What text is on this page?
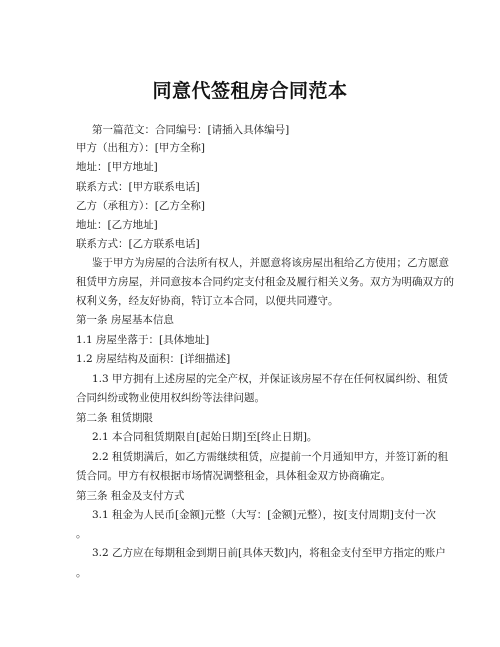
同意代签租房合同范本
第一篇范文：合同编号：[请插入具体编号]
甲方（出租方）：[甲方全称]
地址：[甲方地址]
联系方式：[甲方联系电话]
乙方（承租方）：[乙方全称]
地址：[乙方地址]
联系方式：[乙方联系电话]
鉴于甲方为房屋的合法所有权人，并愿意将该房屋出租给乙方使用；乙方愿意
租赁甲方房屋，并同意按本合同约定支付租金及履行相关义务。双方为明确双方的
权利义务，经友好协商，特订立本合同，以便共同遵守。
第一条 房屋基本信息
1.1 房屋坐落于：[具体地址]
1.2 房屋结构及面积：[详细描述]
1.3 甲方拥有上述房屋的完全产权，并保证该房屋不存在任何权属纠纷、租赁
合同纠纷或物业使用权纠纷等法律问题。
第二条 租赁期限
2.1 本合同租赁期限自[起始日期]至[终止日期]。
2.2 租赁期满后，如乙方需继续租赁，应提前一个月通知甲方，并签订新的租
赁合同。甲方有权根据市场情况调整租金，具体租金双方协商确定。
第三条 租金及支付方式
3.1 租金为人民币[金额]元整（大写：[金额]元整），按[支付周期]支付一次
。
3.2 乙方应在每期租金到期日前[具体天数]内，将租金支付至甲方指定的账户
。
